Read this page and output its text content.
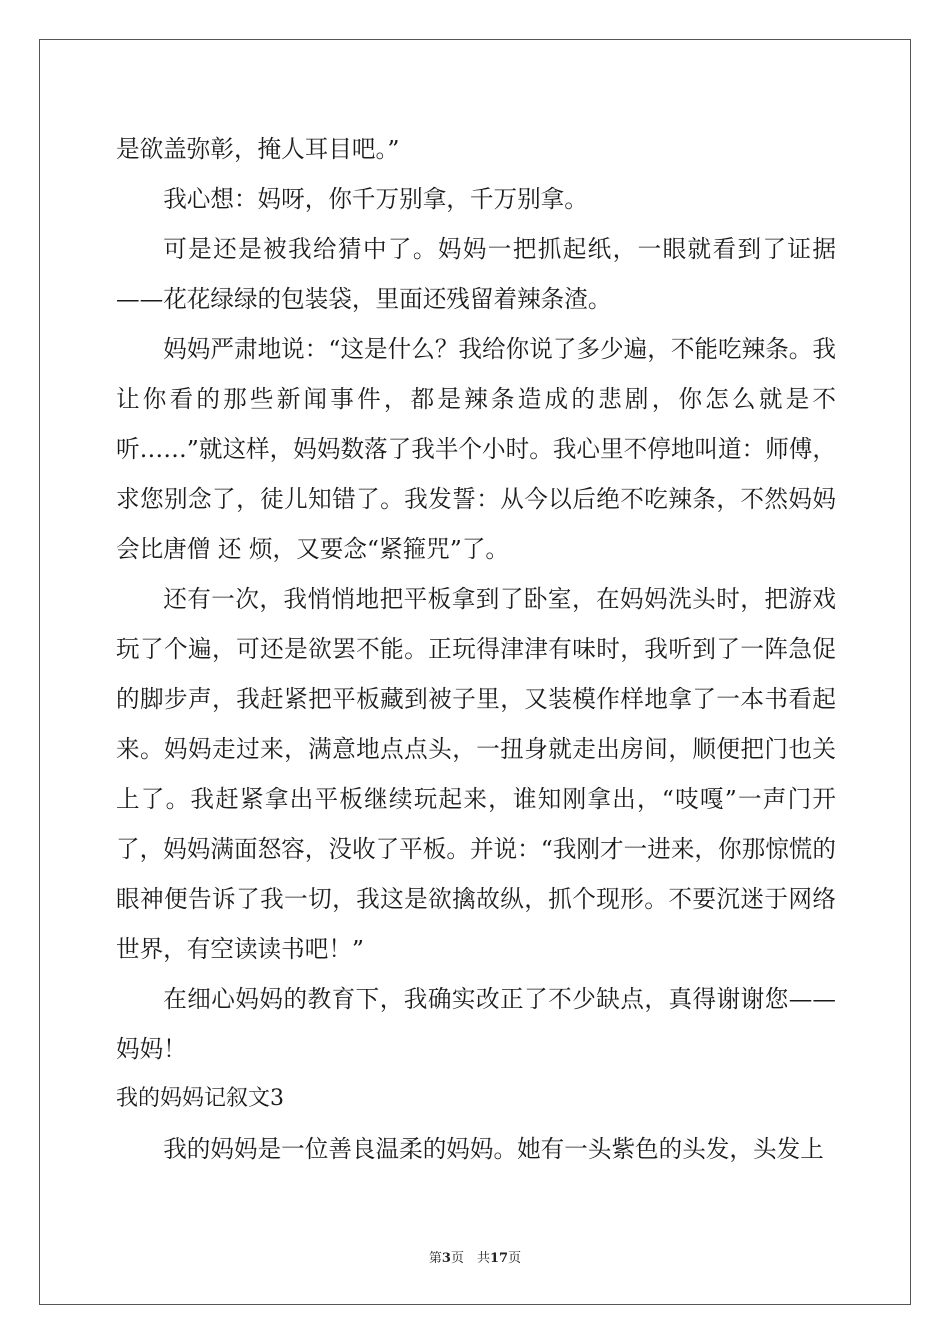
是欲盖弥彰，掩人耳目吧。”

我心想：妈呀，你千万别拿，千万别拿。

可是还是被我给猜中了。妈妈一把抓起纸，一眼就看到了证据——花花绿绿的包装袋，里面还残留着辣条渣。

妈妈严肃地说：“这是什么？我给你说了多少遍，不能吃辣条。我让你看的那些新闻事件，都是辣条造成的悲剧，你怎么就是不听……”就这样，妈妈数落了我半个小时。我心里不停地叫道：师傅，求您别念了，徒儿知错了。我发誓：从今以后绝不吃辣条，不然妈妈会比唐僧 还 烦，又要念“紧箍咒”了。

还有一次，我悄悄地把平板拿到了卧室，在妈妈洗头时，把游戏玩了个遍，可还是欲罢不能。正玩得津津有味时，我听到了一阵急促的脚步声，我赶紧把平板藏到被子里，又装模作样地拿了一本书看起来。妈妈走过来，满意地点点头，一扭身就走出房间，顺便把门也关上了。我赶紧拿出平板继续玩起来，谁知刚拿出，“吱嘎”一声门开了，妈妈满面怒容，没收了平板。并说：“我刚才一进来，你那惊慌的眼神便告诉了我一切，我这是欲擒故纵，抓个现形。不要沉迷于网络世界，有空读读书吧！”

在细心妈妈的教育下，我确实改正了不少缺点，真得谢谢您——妈妈！

我的妈妈记叙文3

我的妈妈是一位善良温柔的妈妈。她有一头紫色的头发，头发上

第3页　共17页
